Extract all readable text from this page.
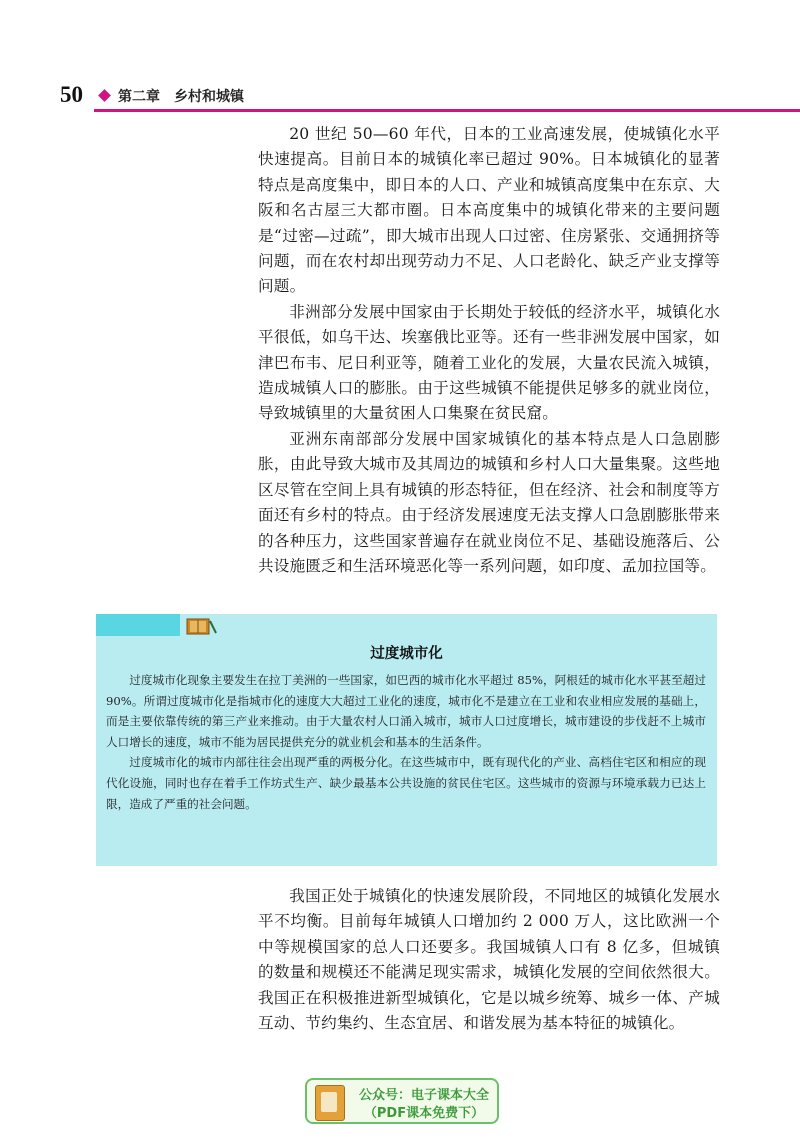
50	第二章　乡村和城镇

20 世纪 50—60 年代，日本的工业高速发展，使城镇化水平快速提高。目前日本的城镇化率已超过 90%。日本城镇化的显著特点是高度集中，即日本的人口、产业和城镇高度集中在东京、大阪和名古屋三大都市圈。日本高度集中的城镇化带来的主要问题是“过密—过疏”，即大城市出现人口过密、住房紧张、交通拥挤等问题，而在农村却出现劳动力不足、人口老龄化、缺乏产业支撑等问题。

非洲部分发展中国家由于长期处于较低的经济水平，城镇化水平很低，如乌干达、埃塞俄比亚等。还有一些非洲发展中国家，如津巴布韦、尼日利亚等，随着工业化的发展，大量农民流入城镇，造成城镇人口的膨胀。由于这些城镇不能提供足够多的就业岗位，导致城镇里的大量贫困人口集聚在贫民窟。

亚洲东南部部分发展中国家城镇化的基本特点是人口急剧膨胀，由此导致大城市及其周边的城镇和乡村人口大量集聚。这些地区尽管在空间上具有城镇的形态特征，但在经济、社会和制度等方面还有乡村的特点。由于经济发展速度无法支撑人口急剧膨胀带来的各种压力，这些国家普遍存在就业岗位不足、基础设施落后、公共设施匮乏和生活环境恶化等一系列问题，如印度、孟加拉国等。

过度城市化

过度城市化现象主要发生在拉丁美洲的一些国家，如巴西的城市化水平超过 85%，阿根廷的城市化水平甚至超过 90%。所谓过度城市化是指城市化的速度大大超过工业化的速度，城市化不是建立在工业和农业相应发展的基础上，而是主要依靠传统的第三产业来推动。由于大量农村人口涌入城市，城市人口过度增长，城市建设的步伐赶不上城市人口增长的速度，城市不能为居民提供充分的就业机会和基本的生活条件。

过度城市化的城市内部往往会出现严重的两极分化。在这些城市中，既有现代化的产业、高档住宅区和相应的现代化设施，同时也存在着手工作坊式生产、缺少最基本公共设施的贫民住宅区。这些城市的资源与环境承载力已达上限，造成了严重的社会问题。

我国正处于城镇化的快速发展阶段，不同地区的城镇化发展水平不均衡。目前每年城镇人口增加约 2 000 万人，这比欧洲一个中等规模国家的总人口还要多。我国城镇人口有 8 亿多，但城镇的数量和规模还不能满足现实需求，城镇化发展的空间依然很大。我国正在积极推进新型城镇化，它是以城乡统筹、城乡一体、产城互动、节约集约、生态宜居、和谐发展为基本特征的城镇化。

公众号：电子课本大全
（PDF课本免费下）
